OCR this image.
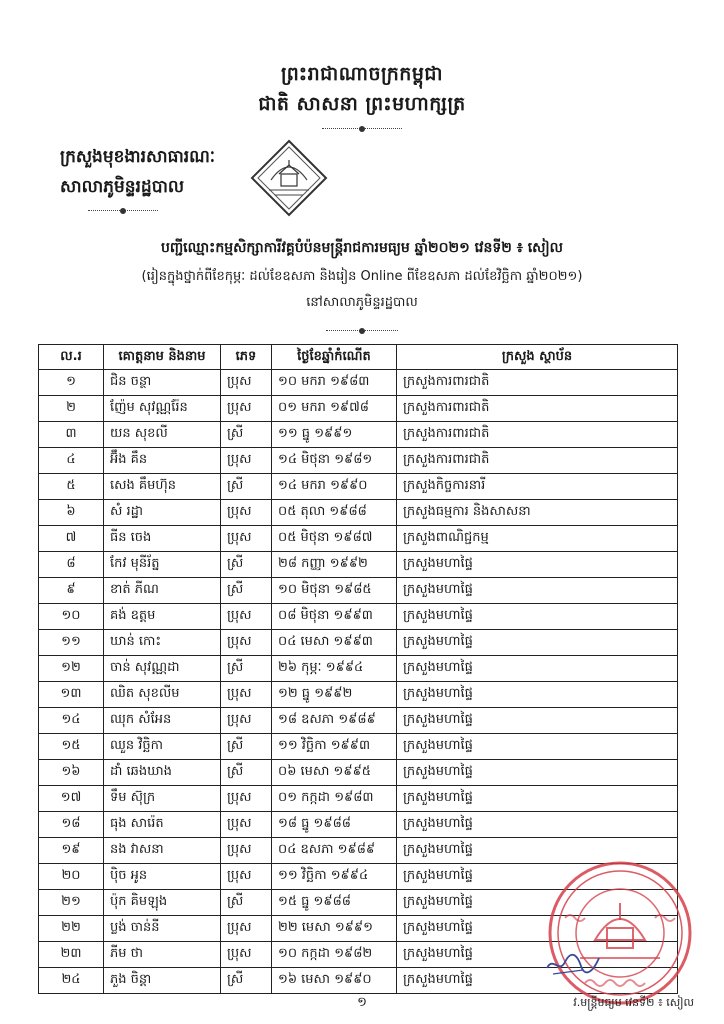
ព្រះរាជាណាចក្រកម្ពុជា
ជាតិ សាសនា ព្រះមហាក្សត្រ
ក្រសួងមុខងារសាធារណៈ
សាលាភូមិន្ទរដ្ឋបាល
បញ្ជីឈ្មោះកម្មសិក្សាការីវគ្គបំប៉នមន្ត្រីរាជការមធ្យម ឆ្នាំ២០២១ វេនទី២ ៖ សៀល
(រៀនក្នុងថ្នាក់ពីខែកុម្ភៈ ដល់ខែឧសភា និងរៀន Online ពីខែឧសភា ដល់ខែវិច្ឆិកា ឆ្នាំ២០២១)
នៅសាលាភូមិន្ទរដ្ឋបាល
ល.រ	គោត្តនាម និងនាម	ភេទ	ថ្ងៃខែឆ្នាំកំណើត	ក្រសួង ស្ថាប័ន
១	ជិន ចន្ថា	ប្រុស	១០ មករា ១៩៨៣	ក្រសួងការពារជាតិ
២	ញ៉ែម សុវណ្ណរ៉ែន	ប្រុស	០១ មករា ១៩៧៨	ក្រសួងការពារជាតិ
៣	យន សុខលី	ស្រី	១១ ធ្នូ ១៩៩១	ក្រសួងការពារជាតិ
៤	អ៊ឹង គឹន	ប្រុស	១៤ មិថុនា ១៩៨១	ក្រសួងការពារជាតិ
៥	សេង គឹមហ៊ុន	ស្រី	១៤ មករា ១៩៩០	ក្រសួងកិច្ចការនារី
៦	សំ រដ្ឋា	ប្រុស	០៥ តុលា ១៩៨៨	ក្រសួងធម្មការ និងសាសនា
៧	ធីន ចេង	ប្រុស	០៥ មិថុនា ១៩៨៧	ក្រសួងពាណិជ្ជកម្ម
៨	កែវ មុនីរ័ត្ន	ស្រី	២៨ កញ្ញា ១៩៩២	ក្រសួងមហាផ្ទៃ
៩	ខាត់ ភីណ	ស្រី	១០ មិថុនា ១៩៨៥	ក្រសួងមហាផ្ទៃ
១០	គង់ ឧត្តម	ប្រុស	០៨ មិថុនា ១៩៩៣	ក្រសួងមហាផ្ទៃ
១១	ឃាន់ កោះ	ប្រុស	០៤ មេសា ១៩៩៣	ក្រសួងមហាផ្ទៃ
១២	ចាន់ សុវណ្ណដា	ស្រី	២៦ កុម្ភៈ ១៩៩៤	ក្រសួងមហាផ្ទៃ
១៣	ឈិត សុខលីម	ប្រុស	១២ ធ្នូ ១៩៩២	ក្រសួងមហាផ្ទៃ
១៤	ឈុក សំអែន	ប្រុស	១៨ ឧសភា ១៩៨៩	ក្រសួងមហាផ្ទៃ
១៥	ឈួន វិច្ឆិកា	ស្រី	១១ វិច្ឆិកា ១៩៩៣	ក្រសួងមហាផ្ទៃ
១៦	ដាំ ឆេងឃាង	ស្រី	០៦ មេសា ១៩៩៥	ក្រសួងមហាផ្ទៃ
១៧	ទឹម ស៊ុក្រ	ប្រុស	០១ កក្កដា ១៩៨៣	ក្រសួងមហាផ្ទៃ
១៨	ធុង សារ៉េត	ប្រុស	១៨ ធ្នូ ១៩៨៨	ក្រសួងមហាផ្ទៃ
១៩	នង វាសនា	ប្រុស	០៤ ឧសភា ១៩៨៩	ក្រសួងមហាផ្ទៃ
២០	ប៉ិច អូន	ប្រុស	១១ វិច្ឆិកា ១៩៩៤	ក្រសួងមហាផ្ទៃ
២១	ប៉ុក គិមឡុង	ស្រី	១៥ ធ្នូ ១៩៨៨	ក្រសួងមហាផ្ទៃ
២២	ប្លង់ ចាន់នី	ប្រុស	២២ មេសា ១៩៩១	ក្រសួងមហាផ្ទៃ
២៣	ភីម ថា	ប្រុស	១០ កក្កដា ១៩៨២	ក្រសួងមហាផ្ទៃ
២៤	ភួង ចិន្តា	ស្រី	១៦ មេសា ១៩៩០	ក្រសួងមហាផ្ទៃ
១	វ.មន្ត្រីមធ្យម វេនទី២ ៖ សៀល
